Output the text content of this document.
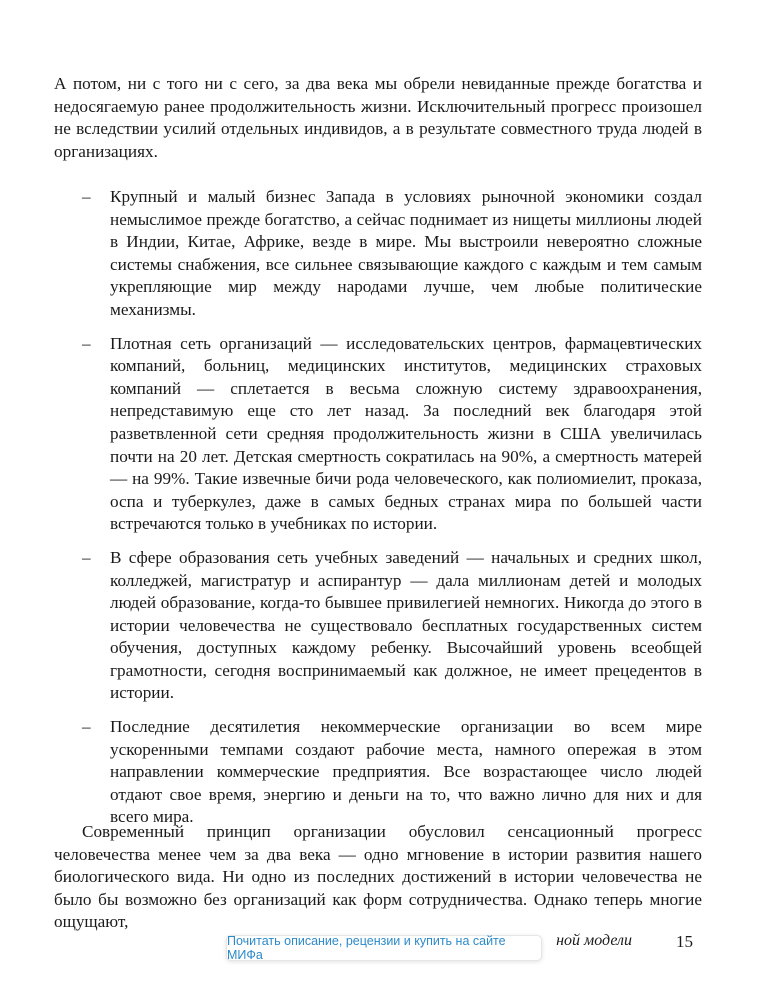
А потом, ни с того ни с сего, за два века мы обрели невиданные прежде богатства и недосягаемую ранее продолжительность жизни. Исключительный прогресс произошел не вследствии усилий отдельных индивидов, а в результате совместного труда людей в организациях.

– Крупный и малый бизнес Запада в условиях рыночной экономики создал немыслимое прежде богатство, а сейчас поднимает из нищеты миллионы людей в Индии, Китае, Африке, везде в мире. Мы выстроили невероятно сложные системы снабжения, все сильнее связывающие каждого с каждым и тем самым укрепляющие мир между народами лучше, чем любые политические механизмы.
– Плотная сеть организаций — исследовательских центров, фармацевтических компаний, больниц, медицинских институтов, медицинских страховых компаний — сплетается в весьма сложную систему здравоохранения, непредставимую еще сто лет назад. За последний век благодаря этой разветвленной сети средняя продолжительность жизни в США увеличилась почти на 20 лет. Детская смертность сократилась на 90%, а смертность матерей — на 99%. Такие извечные бичи рода человеческого, как полиомиелит, проказа, оспа и туберкулез, даже в самых бедных странах мира по большей части встречаются только в учебниках по истории.
– В сфере образования сеть учебных заведений — начальных и средних школ, колледжей, магистратур и аспирантур — дала миллионам детей и молодых людей образование, когда-то бывшее привилегией немногих. Никогда до этого в истории человечества не существовало бесплатных государственных систем обучения, доступных каждому ребенку. Высочайший уровень всеобщей грамотности, сегодня воспринимаемый как должное, не имеет прецедентов в истории.
– Последние десятилетия некоммерческие организации во всем мире ускоренными темпами создают рабочие места, намного опережая в этом направлении коммерческие предприятия. Все возрастающее число людей отдают свое время, энергию и деньги на то, что важно лично для них и для всего мира.

Современный принцип организации обусловил сенсационный прогресс человечества менее чем за два века — одно мгновение в истории развития нашего биологического вида. Ни одно из последних достижений в истории человечества не было бы возможно без организаций как форм сотрудничества. Однако теперь многие ощущают,

ной модели	15
Почитать описание, рецензии и купить на сайте МИФа
